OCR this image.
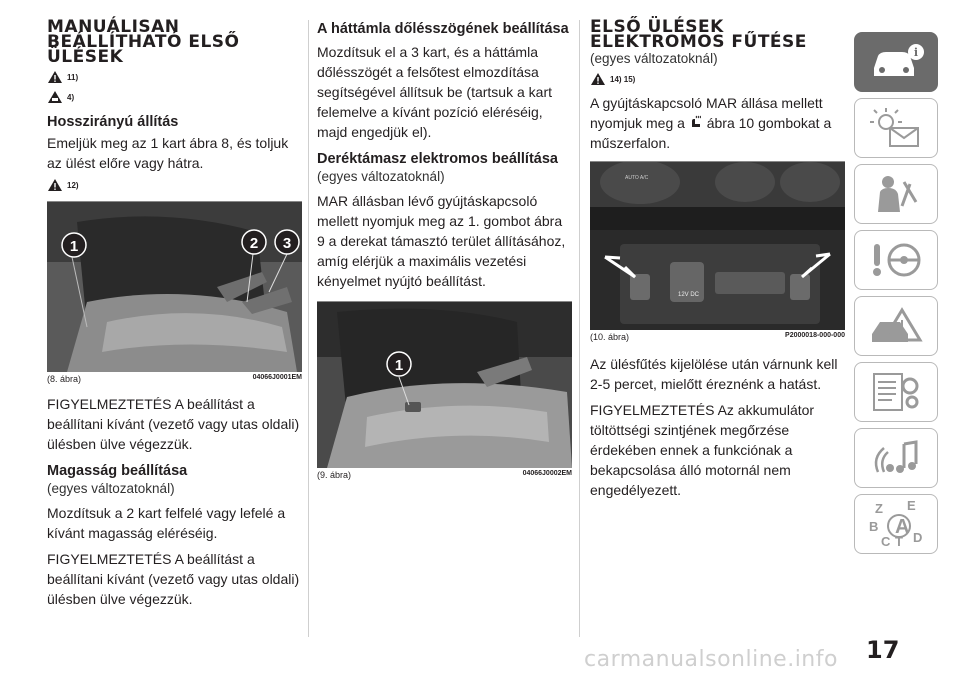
MANUÁLISAN BEÁLLÍTHATÓ ELSŐ ÜLÉSEK
11)
4)
Hosszirányú állítás

Emeljük meg az 1 kart ábra 8, és toljuk az ülést előre vagy hátra.

12)
1	2 3
(8. ábra)	04066J0001EM

FIGYELMEZTETÉS A beállítást a beállítani kívánt (vezető vagy utas oldali) ülésben ülve végezzük.

Magasság beállítása
(egyes változatoknál)

Mozdítsuk a 2 kart felfelé vagy lefelé a kívánt magasság eléréséig.

FIGYELMEZTETÉS A beállítást a beállítani kívánt (vezető vagy utas oldali) ülésben ülve végezzük.

A háttámla dőlésszögének beállítása

Mozdítsuk el a 3 kart, és a háttámla dőlésszögét a felsőtest elmozdítása segítségével állítsuk be (tartsuk a kart felemelve a kívánt pozíció eléréséig, majd engedjük el).

Deréktámasz elektromos beállítása
(egyes változatoknál)

MAR állásban lévő gyújtáskapcsoló mellett nyomjuk meg az 1. gombot ábra 9 a derekat támasztó terület állításához, amíg elérjük a maximális vezetési kényelmet nyújtó beállítást.

1
(9. ábra)	04066J0002EM
ELSŐ ÜLÉSEK ELEKTROMOS FŰTÉSE
(egyes változatoknál)
14) 15)

A gyújtáskapcsoló MAR állása mellett nyomjuk meg a ábra 10 gombokat a műszerfalon.

AUTO A/C
12V DC
(10. ábra)	P2000018-000-000

Az ülésfűtés kijelölése után várnunk kell 2-5 percet, mielőtt éreznénk a hatást.

FIGYELMEZTETÉS Az akkumulátor töltöttségi szintjének megőrzése érdekében ennek a funkciónak a bekapcsolása álló motornál nem engedélyezett.

i
Z E
B A
C T D
17
carmanualsonline.info
